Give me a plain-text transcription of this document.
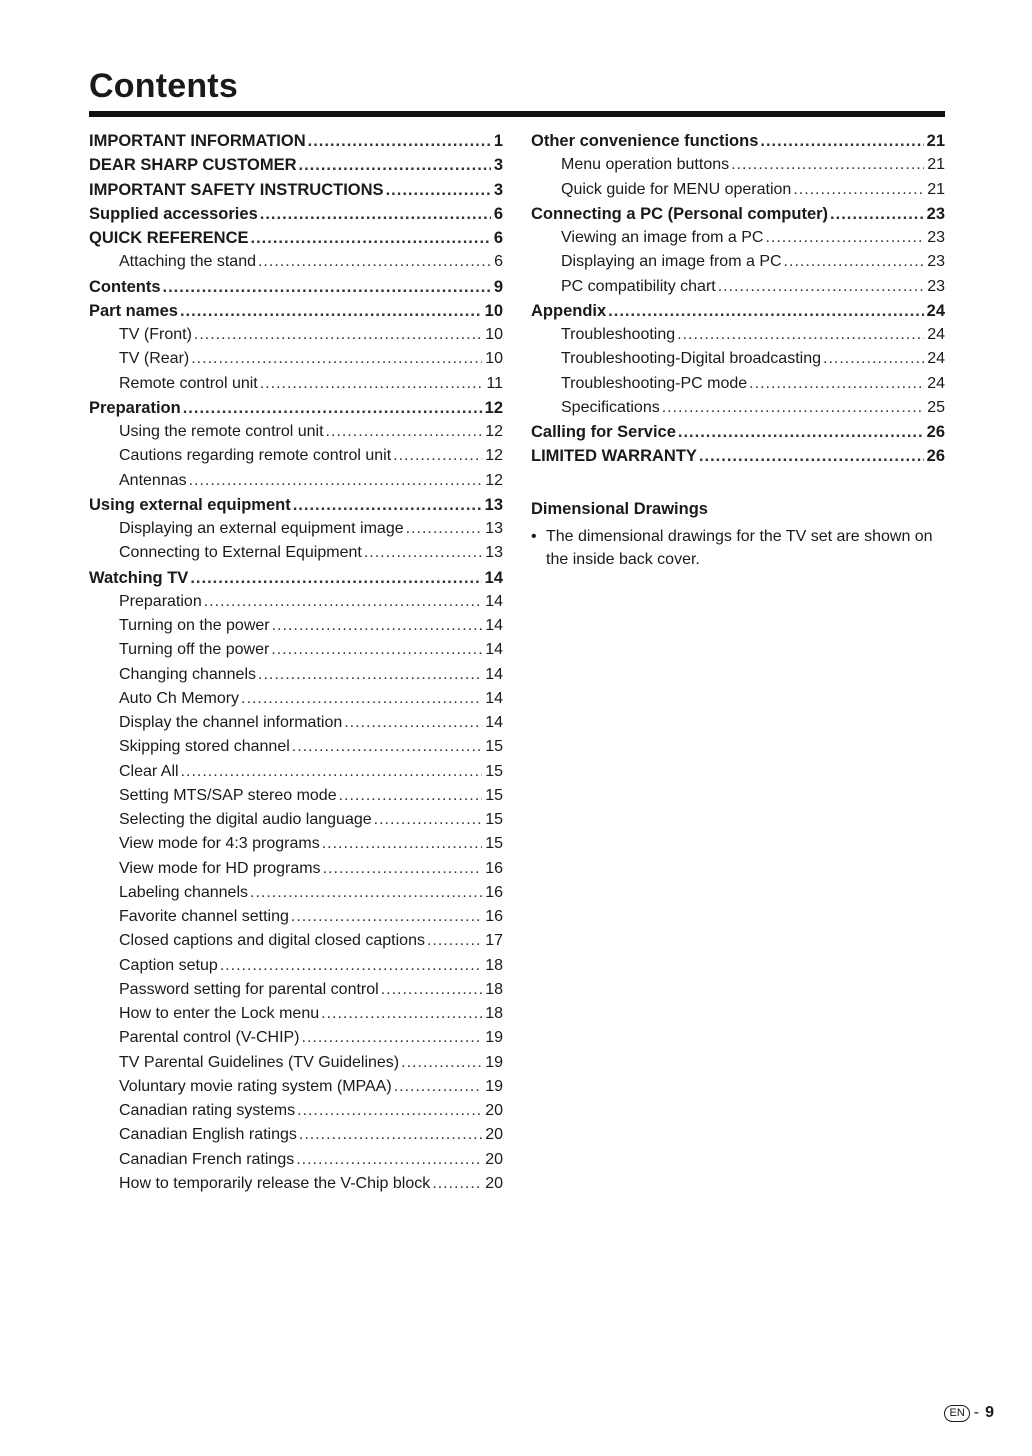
Contents
IMPORTANT INFORMATION .....	1
DEAR SHARP CUSTOMER .....	3
IMPORTANT SAFETY INSTRUCTIONS .....	3
Supplied accessories .....	6
QUICK REFERENCE .....	6
Attaching the stand .....	6
Contents .....	9
Part names .....	10
TV (Front) .....	10
TV (Rear) .....	10
Remote control unit .....	11
Preparation .....	12
Using the remote control unit .....	12
Cautions regarding remote control unit .....	12
Antennas .....	12
Using external equipment .....	13
Displaying an external equipment image .....	13
Connecting to External Equipment .....	13
Watching TV .....	14
Preparation .....	14
Turning on the power .....	14
Turning off the power .....	14
Changing channels .....	14
Auto Ch Memory .....	14
Display the channel information .....	14
Skipping stored channel .....	15
Clear All .....	15
Setting MTS/SAP stereo mode .....	15
Selecting the digital audio language .....	15
View mode for 4:3 programs .....	15
View mode for HD programs .....	16
Labeling channels .....	16
Favorite channel setting .....	16
Closed captions and digital closed captions .....	17
Caption setup .....	18
Password setting for parental control .....	18
How to enter the Lock menu .....	18
Parental control (V-CHIP) .....	19
TV Parental Guidelines (TV Guidelines) .....	19
Voluntary movie rating system (MPAA) .....	19
Canadian rating systems .....	20
Canadian English ratings .....	20
Canadian French ratings .....	20
How to temporarily release the V-Chip block .....	20
Other convenience functions .....	21
Menu operation buttons .....	21
Quick guide for MENU operation .....	21
Connecting a PC (Personal computer) .....	23
Viewing an image from a PC .....	23
Displaying an image from a PC .....	23
PC compatibility chart .....	23
Appendix .....	24
Troubleshooting .....	24
Troubleshooting-Digital broadcasting .....	24
Troubleshooting-PC mode .....	24
Specifications .....	25
Calling for Service .....	26
LIMITED WARRANTY .....	26
Dimensional Drawings
• The dimensional drawings for the TV set are shown on the inside back cover.
EN - 9
